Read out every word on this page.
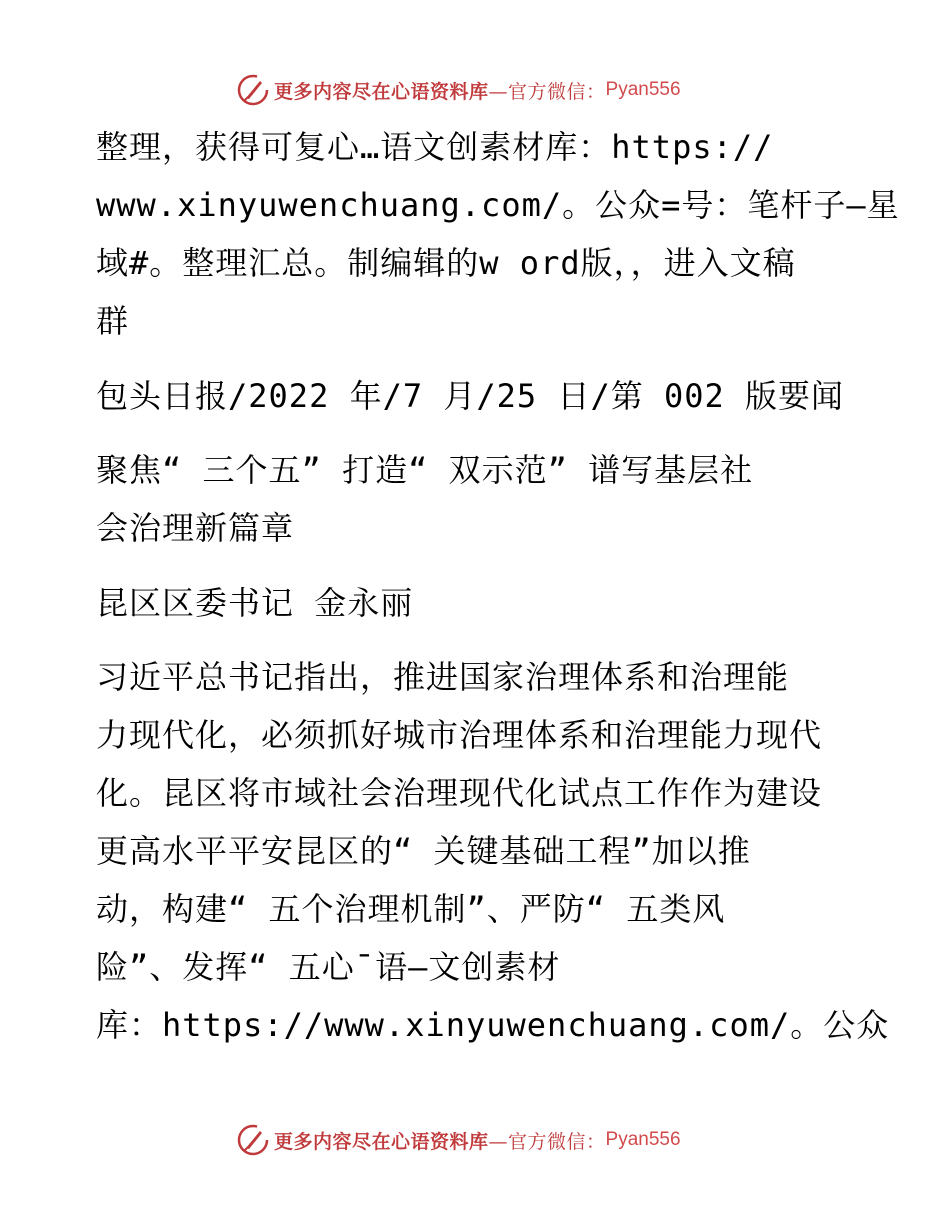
更多内容尽在心语资料库 —官方微信： Pyan556
整理，获得可复心…语文创素材库：https://
www.xinyuwenchuang.com/。公众=号：笔杆子—星
域#。整理汇总。制编辑的w ord版，，进入文稿
群
包头日报/2022 年/7 月/25 日/第 002 版要闻
聚焦“ 三个五” 打造“ 双示范” 谱写基层社
会治理新篇章
昆区区委书记 金永丽
习近平总书记指出，推进国家治理体系和治理能
力现代化，必须抓好城市治理体系和治理能力现代
化。昆区将市域社会治理现代化试点工作作为建设
更高水平平安昆区的“ 关键基础工程”加以推
动，构建“ 五个治理机制”、严防“ 五类风
险”、发挥“ 五心¯语—文创素材
库：https://www.xinyuwenchuang.com/。公众
更多内容尽在心语资料库 —官方微信： Pyan556
